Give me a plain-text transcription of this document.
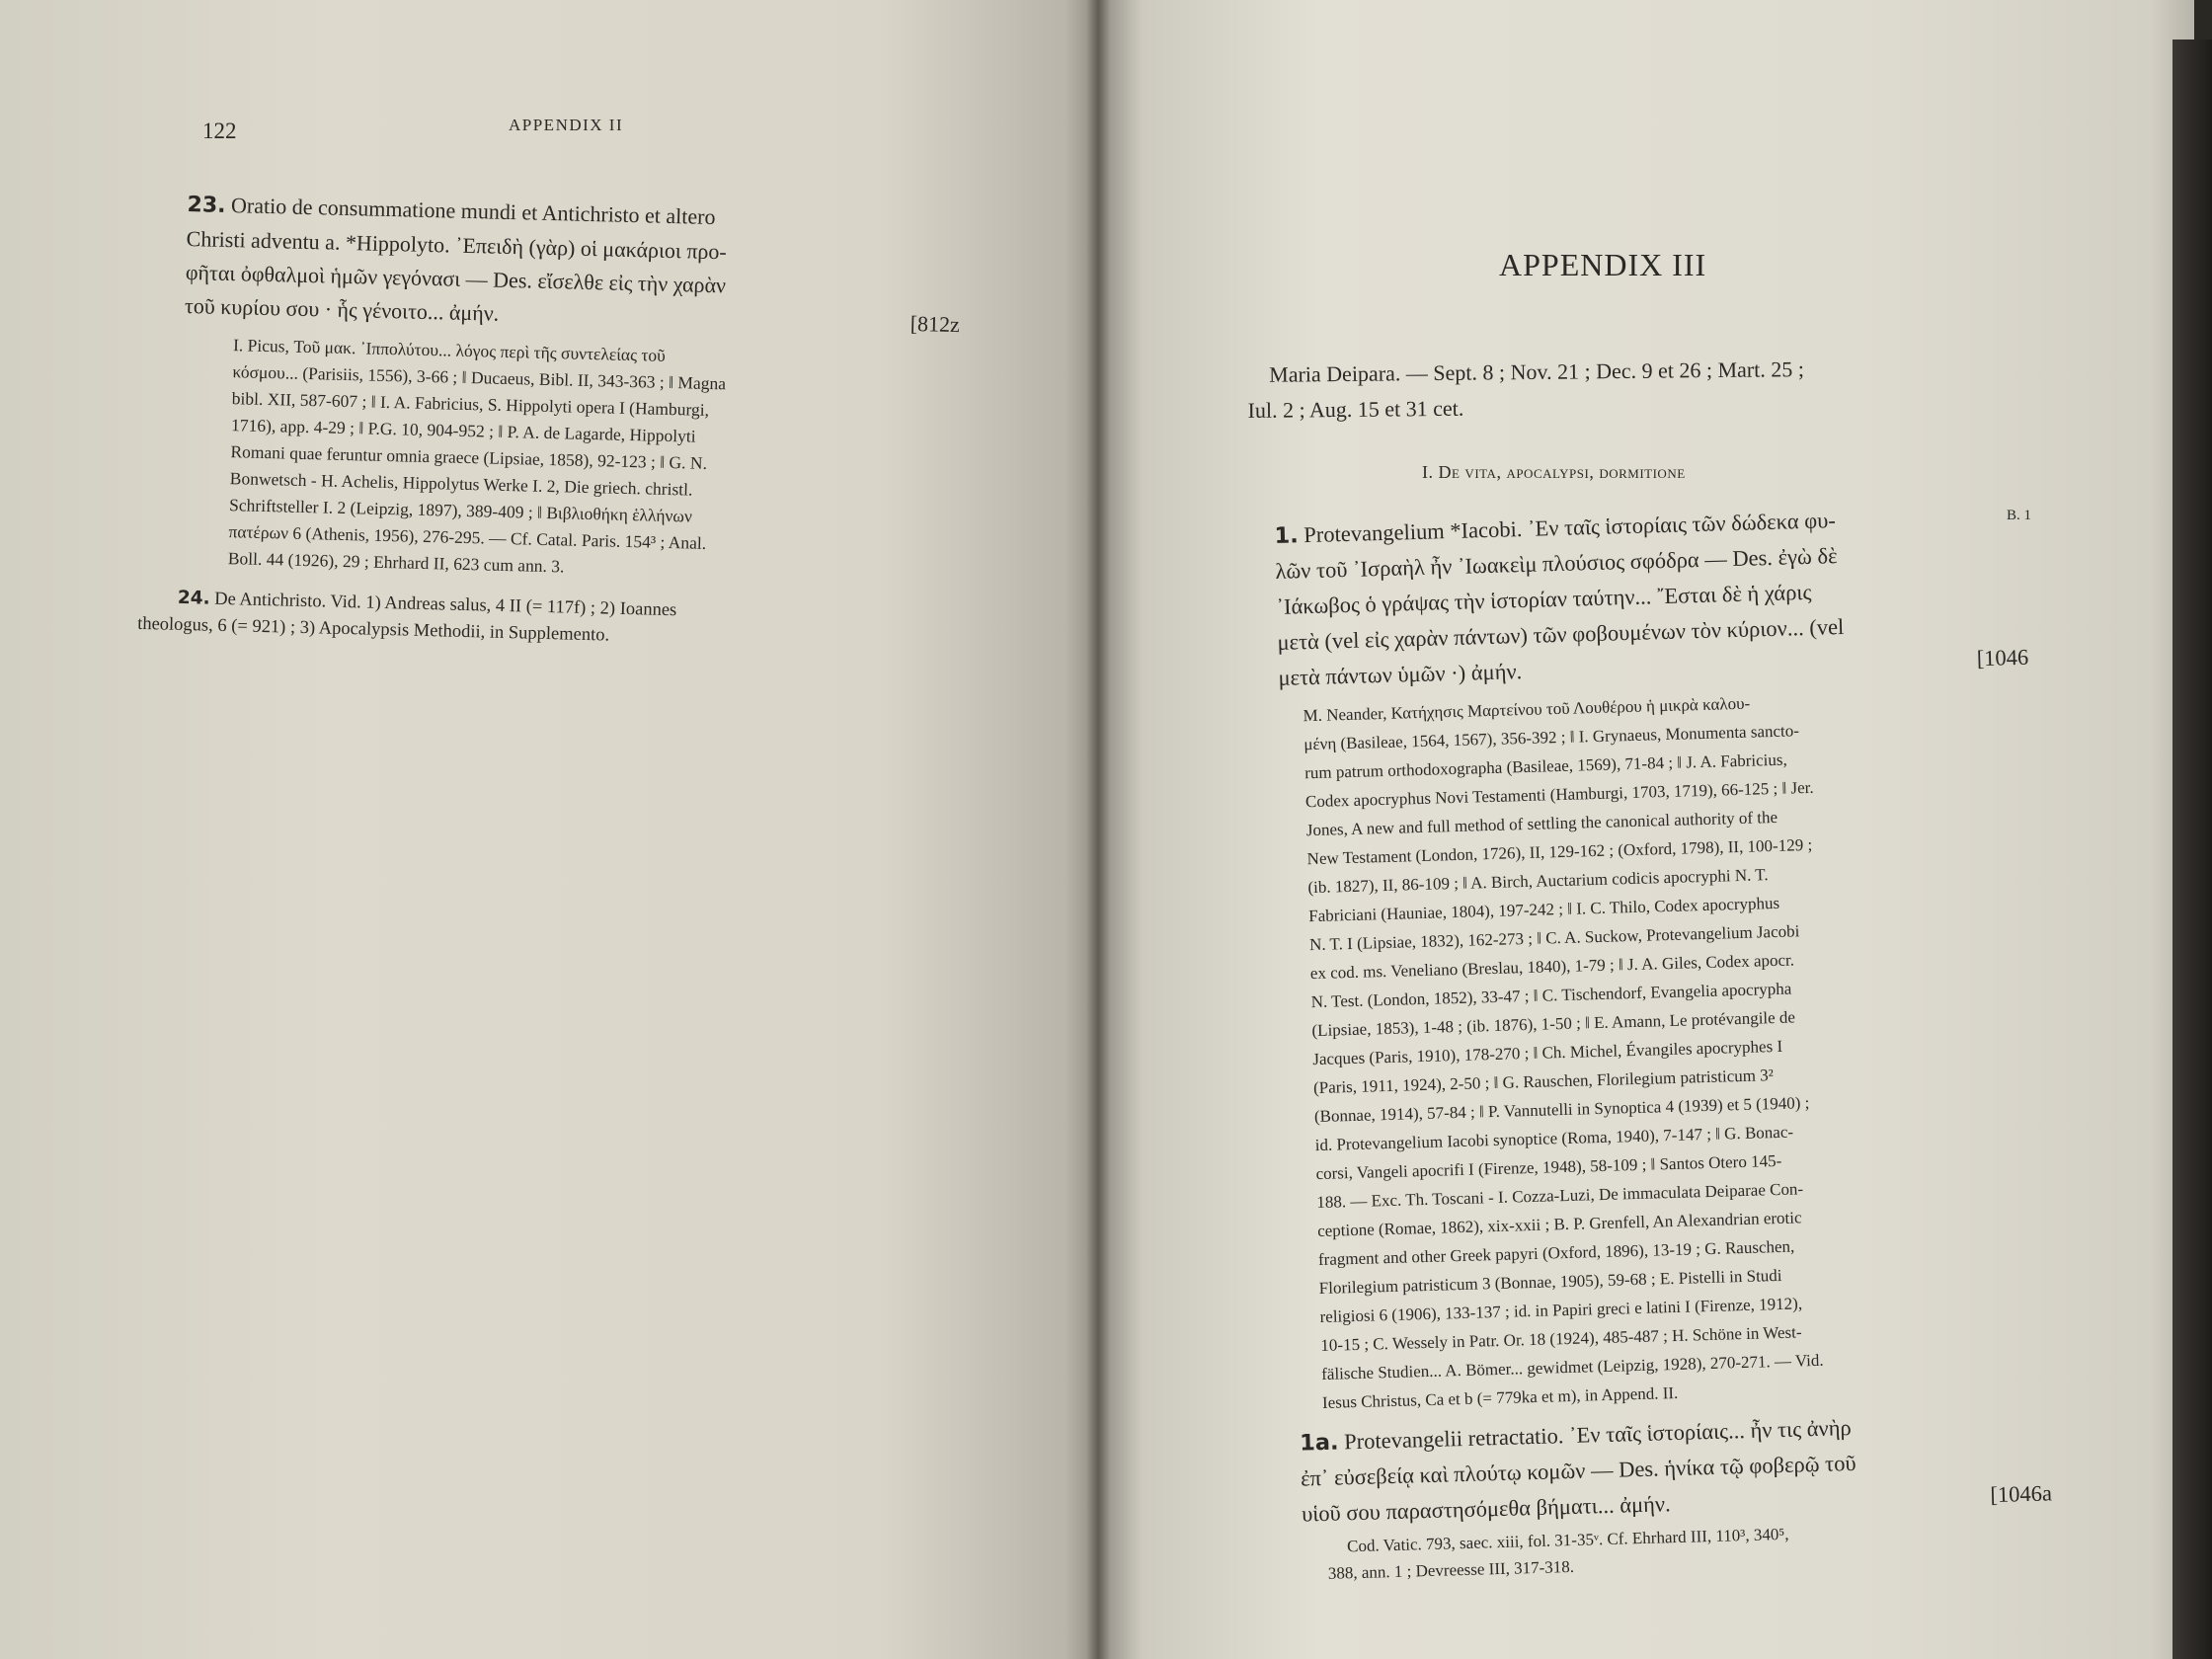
122	APPENDIX II

23. Oratio de consummatione mundi et Antichristo et altero

Christi adventu a. *Hippolyto. ᾿Επειδὴ (γὰρ) οἱ μακάριοι προ-

φῆται ὀφθαλμοὶ ἡμῶν γεγόνασι — Des. εἴσελθε εἰς τὴν χαρὰν

τοῦ κυρίου σου · ἧς γένοιτο... ἀμήν.	[812z

I. Picus, Τοῦ μακ. ᾿Ιππολύτου... λόγος περὶ τῆς συντελείας τοῦ

κόσμου... (Parisiis, 1556), 3-66 ; ‖ Ducaeus, Bibl. II, 343-363 ; ‖ Magna

bibl. XII, 587-607 ; ‖ I. A. Fabricius, S. Hippolyti opera I (Hamburgi,

1716), app. 4-29 ; ‖ P.G. 10, 904-952 ; ‖ P. A. de Lagarde, Hippolyti

Romani quae feruntur omnia graece (Lipsiae, 1858), 92-123 ; ‖ G. N.

Bonwetsch - H. Achelis, Hippolytus Werke I. 2, Die griech. christl.

Schriftsteller I. 2 (Leipzig, 1897), 389-409 ; ‖ Βιβλιοθήκη ἑλλήνων

πατέρων 6 (Athenis, 1956), 276-295. — Cf. Catal. Paris. 154³ ; Anal.

Boll. 44 (1926), 29 ; Ehrhard II, 623 cum ann. 3.

24. De Antichristo. Vid. 1) Andreas salus, 4 II (= 117f) ; 2) Ioannes

theologus, 6 (= 921) ; 3) Apocalypsis Methodii, in Supplemento.

APPENDIX III

Maria Deipara. — Sept. 8 ; Nov. 21 ; Dec. 9 et 26 ; Mart. 25 ;

Iul. 2 ; Aug. 15 et 31 cet.

I. De vita, apocalypsi, dormitione
B. 1

1. Protevangelium *Iacobi. ᾿Εν ταῖς ἱστορίαις τῶν δώδεκα φυ-

λῶν τοῦ ᾿Ισραὴλ ἦν ᾿Ιωακεὶμ πλούσιος σφόδρα — Des. ἐγὼ δὲ

᾿Ιάκωβος ὁ γράψας τὴν ἱστορίαν ταύτην... ῎Εσται δὲ ἡ χάρις

μετὰ (vel εἰς χαρὰν πάντων) τῶν φοβουμένων τὸν κύριον... (vel

μετὰ πάντων ὑμῶν ·) ἀμήν.
[1046

M. Neander, Κατήχησις Μαρτείνου τοῦ Λουθέρου ἡ μικρὰ καλου-

μένη (Basileae, 1564, 1567), 356-392 ; ‖ I. Grynaeus, Monumenta sancto-

rum patrum orthodoxographa (Basileae, 1569), 71-84 ; ‖ J. A. Fabricius,

Codex apocryphus Novi Testamenti (Hamburgi, 1703, 1719), 66-125 ; ‖ Jer.

Jones, A new and full method of settling the canonical authority of the

New Testament (London, 1726), II, 129-162 ; (Oxford, 1798), II, 100-129 ;

(ib. 1827), II, 86-109 ; ‖ A. Birch, Auctarium codicis apocryphi N. T.

Fabriciani (Hauniae, 1804), 197-242 ; ‖ I. C. Thilo, Codex apocryphus

N. T. I (Lipsiae, 1832), 162-273 ; ‖ C. A. Suckow, Protevangelium Jacobi

ex cod. ms. Veneliano (Breslau, 1840), 1-79 ; ‖ J. A. Giles, Codex apocr.

N. Test. (London, 1852), 33-47 ; ‖ C. Tischendorf, Evangelia apocrypha

(Lipsiae, 1853), 1-48 ; (ib. 1876), 1-50 ; ‖ E. Amann, Le protévangile de

Jacques (Paris, 1910), 178-270 ; ‖ Ch. Michel, Évangiles apocryphes I

(Paris, 1911, 1924), 2-50 ; ‖ G. Rauschen, Florilegium patristicum 3²

(Bonnae, 1914), 57-84 ; ‖ P. Vannutelli in Synoptica 4 (1939) et 5 (1940) ;

id. Protevangelium Iacobi synoptice (Roma, 1940), 7-147 ; ‖ G. Bonac-

corsi, Vangeli apocrifi I (Firenze, 1948), 58-109 ; ‖ Santos Otero 145-

188. — Exc. Th. Toscani - I. Cozza-Luzi, De immaculata Deiparae Con-

ceptione (Romae, 1862), xix-xxii ; B. P. Grenfell, An Alexandrian erotic

fragment and other Greek papyri (Oxford, 1896), 13-19 ; G. Rauschen,

Florilegium patristicum 3 (Bonnae, 1905), 59-68 ; E. Pistelli in Studi

religiosi 6 (1906), 133-137 ; id. in Papiri greci e latini I (Firenze, 1912),

10-15 ; C. Wessely in Patr. Or. 18 (1924), 485-487 ; H. Schöne in West-

fälische Studien... A. Bömer... gewidmet (Leipzig, 1928), 270-271. — Vid.

Iesus Christus, Ca et b (= 779ka et m), in Append. II.

1a. Protevangelii retractatio. ᾿Εν ταῖς ἱστορίαις... ἦν τις ἀνὴρ

ἐπ᾿ εὐσεβείᾳ καὶ πλούτῳ κομῶν — Des. ἡνίκα τῷ φοβερῷ τοῦ

υἱοῦ σου παραστησόμεθα βήματι... ἀμήν.	[1046a

Cod. Vatic. 793, saec. xiii, fol. 31-35ᵛ. Cf. Ehrhard III, 110³, 340⁵,

388, ann. 1 ; Devreesse III, 317-318.
